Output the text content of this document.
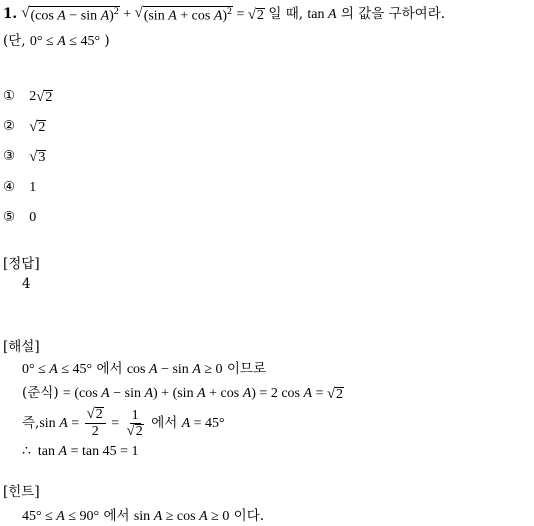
1. √ (cos A − sin A)$^2$ + √ (sin A + cos A)$^2$ = √ 2 일 때, tan A 의 값을 구하여라.
(단, 0° ≤ A ≤ 45° )
① 2 √ 2
② √ 2
③ √ 3
④ 1
⑤ 0
[정답]
4
[해설]
0° ≤ A ≤ 45° 에서 cos A − sin A ≥ 0 이므로
(준식) = (cos A − sin A) + (sin A + cos A) = 2 cos A = √ 2
즉,sin $A = \frac{√ 2}{2} = \frac{1}{√ 2}$ 에서 A = 45°
∴  tan A = tan 45 = 1
[힌트]
45° ≤ A ≤ 90° 에서 sin A ≥ cos A ≥ 0 이다.
